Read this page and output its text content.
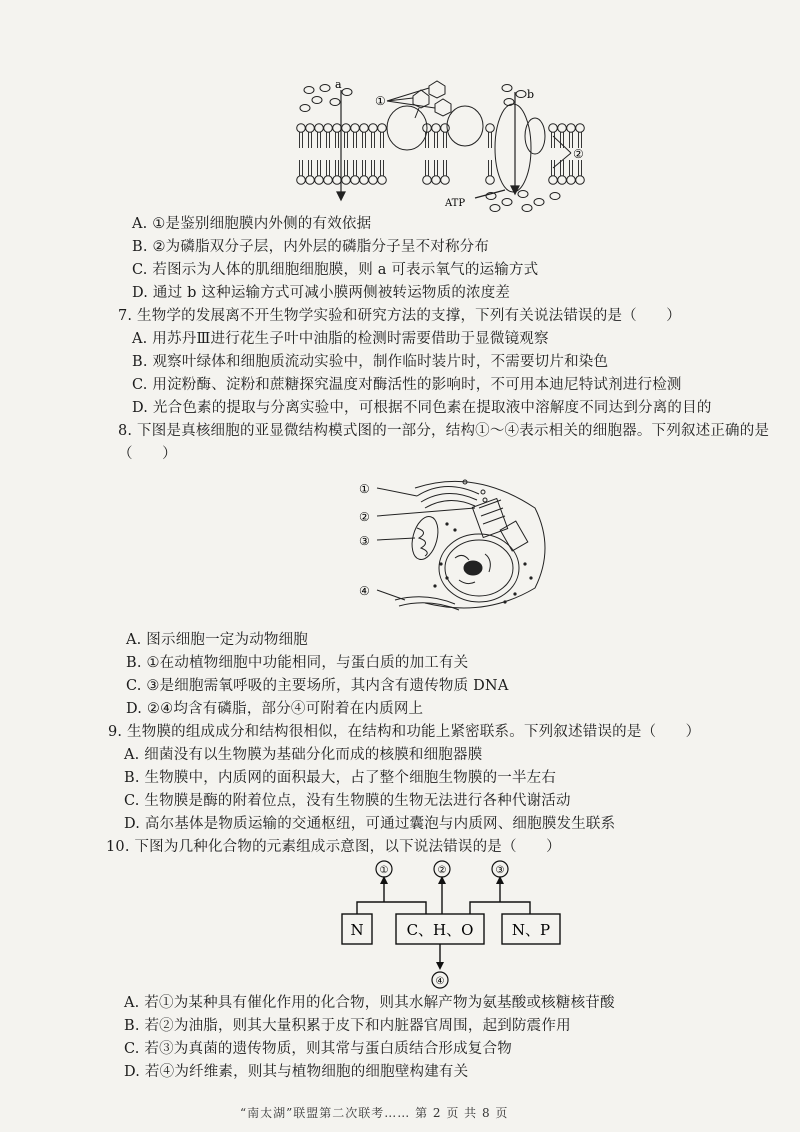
a
b
①
②
ATP
A. ①是鉴别细胞膜内外侧的有效依据
B. ②为磷脂双分子层，内外层的磷脂分子呈不对称分布
C. 若图示为人体的肌细胞细胞膜，则 a 可表示氧气的运输方式
D. 通过 b 这种运输方式可减小膜两侧被转运物质的浓度差
7. 生物学的发展离不开生物学实验和研究方法的支撑，下列有关说法错误的是（　　）
A. 用苏丹Ⅲ进行花生子叶中油脂的检测时需要借助于显微镜观察
B. 观察叶绿体和细胞质流动实验中，制作临时装片时，不需要切片和染色
C. 用淀粉酶、淀粉和蔗糖探究温度对酶活性的影响时，不可用本迪尼特试剂进行检测
D. 光合色素的提取与分离实验中，可根据不同色素在提取液中溶解度不同达到分离的目的
8. 下图是真核细胞的亚显微结构模式图的一部分，结构①～④表示相关的细胞器。下列叙述正确的是
（　　）
①
②
③
④
A. 图示细胞一定为动物细胞
B. ①在动植物细胞中功能相同，与蛋白质的加工有关
C. ③是细胞需氧呼吸的主要场所，其内含有遗传物质 DNA
D. ②④均含有磷脂，部分④可附着在内质网上
9. 生物膜的组成成分和结构很相似，在结构和功能上紧密联系。下列叙述错误的是（　　）
A. 细菌没有以生物膜为基础分化而成的核膜和细胞器膜
B. 生物膜中，内质网的面积最大，占了整个细胞生物膜的一半左右
C. 生物膜是酶的附着位点，没有生物膜的生物无法进行各种代谢活动
D. 高尔基体是物质运输的交通枢纽，可通过囊泡与内质网、细胞膜发生联系
10. 下图为几种化合物的元素组成示意图，以下说法错误的是（　　）
N	C、H、O	N、P
①	②	③
④
A. 若①为某种具有催化作用的化合物，则其水解产物为氨基酸或核糖核苷酸
B. 若②为油脂，则其大量积累于皮下和内脏器官周围，起到防震作用
C. 若③为真菌的遗传物质，则其常与蛋白质结合形成复合物
D. 若④为纤维素，则其与植物细胞的细胞壁构建有关
“南太湖”联盟第二次联考…… 第 2 页 共 8 页
